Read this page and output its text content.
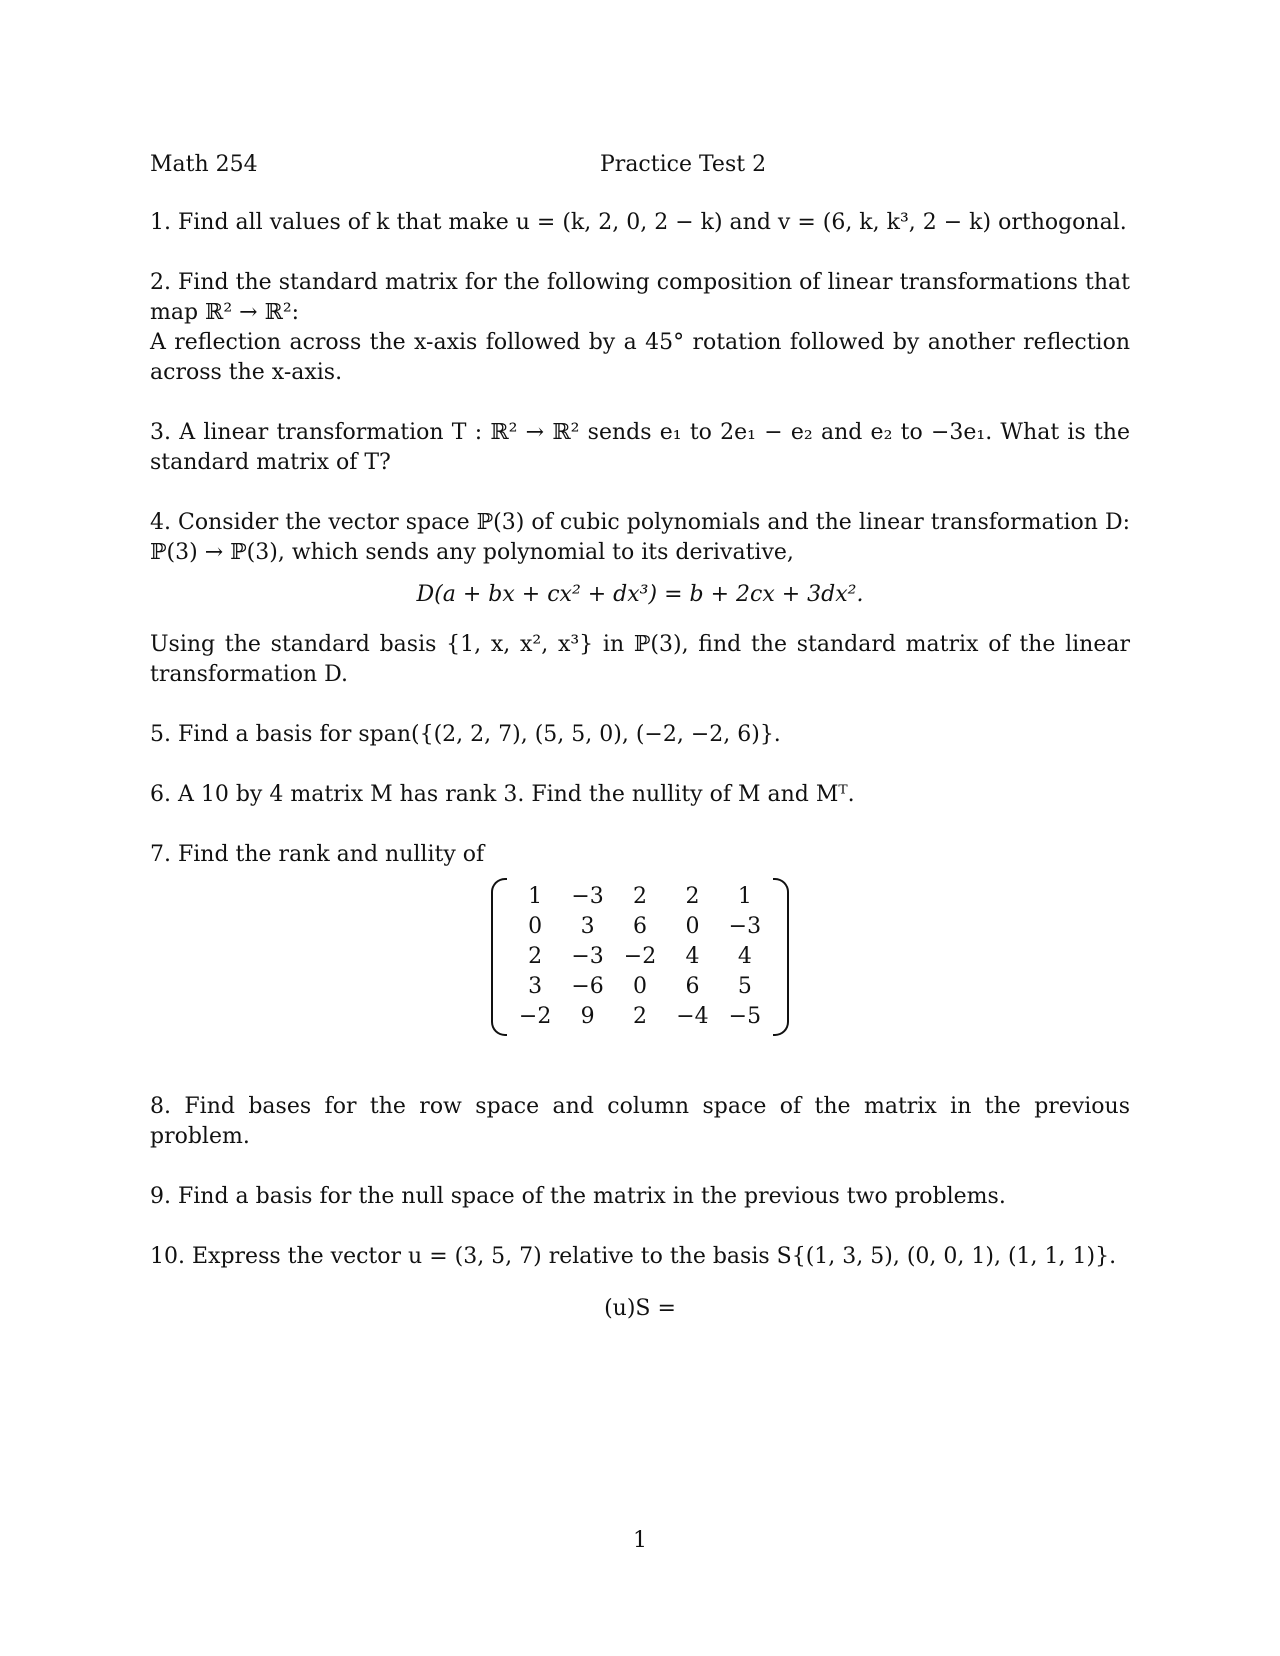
Math 254	Practice Test 2

1. Find all values of k that make u = (k, 2, 0, 2 − k) and v = (6, k, k³, 2 − k) orthogonal.

2. Find the standard matrix for the following composition of linear transformations that map ℝ² → ℝ²:
A reflection across the x-axis followed by a 45° rotation followed by another reflection across the x-axis.

3. A linear transformation T : ℝ² → ℝ² sends e₁ to 2e₁ − e₂ and e₂ to −3e₁. What is the standard matrix of T?

4. Consider the vector space ℙ(3) of cubic polynomials and the linear transformation D: ℙ(3) → ℙ(3), which sends any polynomial to its derivative,

D(a + bx + cx² + dx³) = b + 2cx + 3dx².

Using the standard basis {1, x, x², x³} in ℙ(3), find the standard matrix of the linear transformation D.

5. Find a basis for span({(2, 2, 7), (5, 5, 0), (−2, −2, 6)}.

6. A 10 by 4 matrix M has rank 3. Find the nullity of M and Mᵀ.

7. Find the rank and nullity of

1	−3	2	2	1
0	3	6	0	−3
2	−3	−2	4	4
3	−6	0	6	5
−2	9	2	−4	−5

8. Find bases for the row space and column space of the matrix in the previous problem.

9. Find a basis for the null space of the matrix in the previous two problems.

10. Express the vector u = (3, 5, 7) relative to the basis S{(1, 3, 5), (0, 0, 1), (1, 1, 1)}.

(u)S =
1
